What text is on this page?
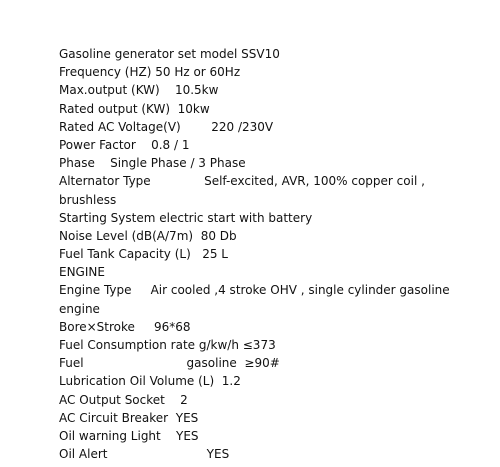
Gasoline generator set model SSV10
Frequency (HZ) 50 Hz or 60Hz
Max.output (KW)    10.5kw
Rated output (KW)  10kw
Rated AC Voltage(V)        220 /230V
Power Factor    0.8 / 1
Phase    Single Phase / 3 Phase
Alternator Type              Self-excited, AVR, 100% copper coil ,
brushless
Starting System electric start with battery
Noise Level (dB(A/7m)  80 Db
Fuel Tank Capacity (L)   25 L
ENGINE
Engine Type     Air cooled ,4 stroke OHV , single cylinder gasoline
engine
Bore×Stroke     96*68
Fuel Consumption rate g/kw/h ≤373
Fuel                           gasoline  ≥90#
Lubrication Oil Volume (L)  1.2
AC Output Socket    2
AC Circuit Breaker  YES
Oil warning Light    YES
Oil Alert                          YES
